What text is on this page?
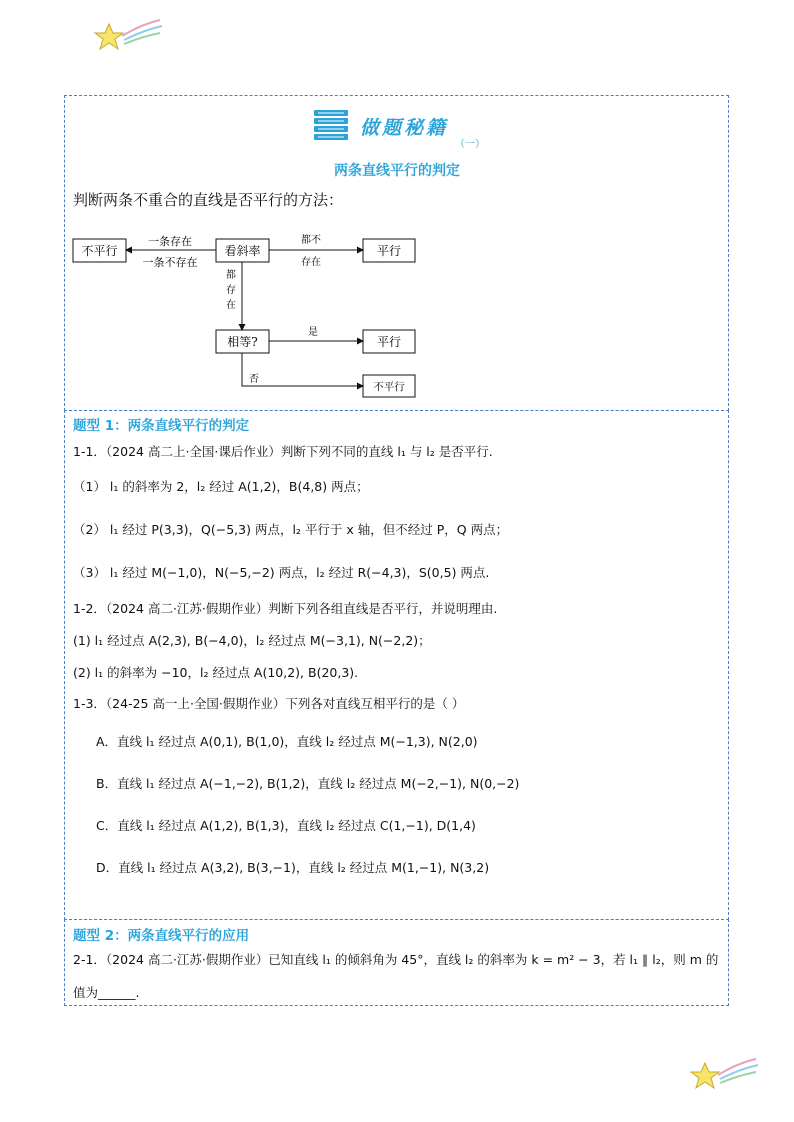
做题秘籍
（一）
两条直线平行的判定
判断两条不重合的直线是否平行的方法：
不平行	看斜率	平行
相等?	平行
不平行
一条存在
一条不存在
都不
存在
都
存
在
是
否
题型 1：两条直线平行的判定
1-1．（2024 高二上·全国·课后作业）判断下列不同的直线 l₁ 与 l₂ 是否平行.
（1） l₁ 的斜率为 2，l₂ 经过 A(1,2)，B(4,8) 两点；
（2） l₁ 经过 P(3,3)，Q(−5,3) 两点，l₂ 平行于 x 轴，但不经过 P，Q 两点；
（3） l₁ 经过 M(−1,0)，N(−5,−2) 两点，l₂ 经过 R(−4,3)，S(0,5) 两点.
1-2．（2024 高二·江苏·假期作业）判断下列各组直线是否平行，并说明理由.
(1) l₁ 经过点 A(2,3), B(−4,0)，l₂ 经过点 M(−3,1), N(−2,2)；
(2) l₁ 的斜率为 −10，l₂ 经过点 A(10,2), B(20,3).
1-3．（24-25 高一上·全国·假期作业）下列各对直线互相平行的是（ ）
A．直线 l₁ 经过点 A(0,1), B(1,0)，直线 l₂ 经过点 M(−1,3), N(2,0)
B．直线 l₁ 经过点 A(−1,−2), B(1,2)，直线 l₂ 经过点 M(−2,−1), N(0,−2)
C．直线 l₁ 经过点 A(1,2), B(1,3)，直线 l₂ 经过点 C(1,−1), D(1,4)
D．直线 l₁ 经过点 A(3,2), B(3,−1)，直线 l₂ 经过点 M(1,−1), N(3,2)
题型 2：两条直线平行的应用
2-1．（2024 高二·江苏·假期作业）已知直线 l₁ 的倾斜角为 45°，直线 l₂ 的斜率为 k = m² − 3，若 l₁ ∥ l₂，则 m 的
值为______.
